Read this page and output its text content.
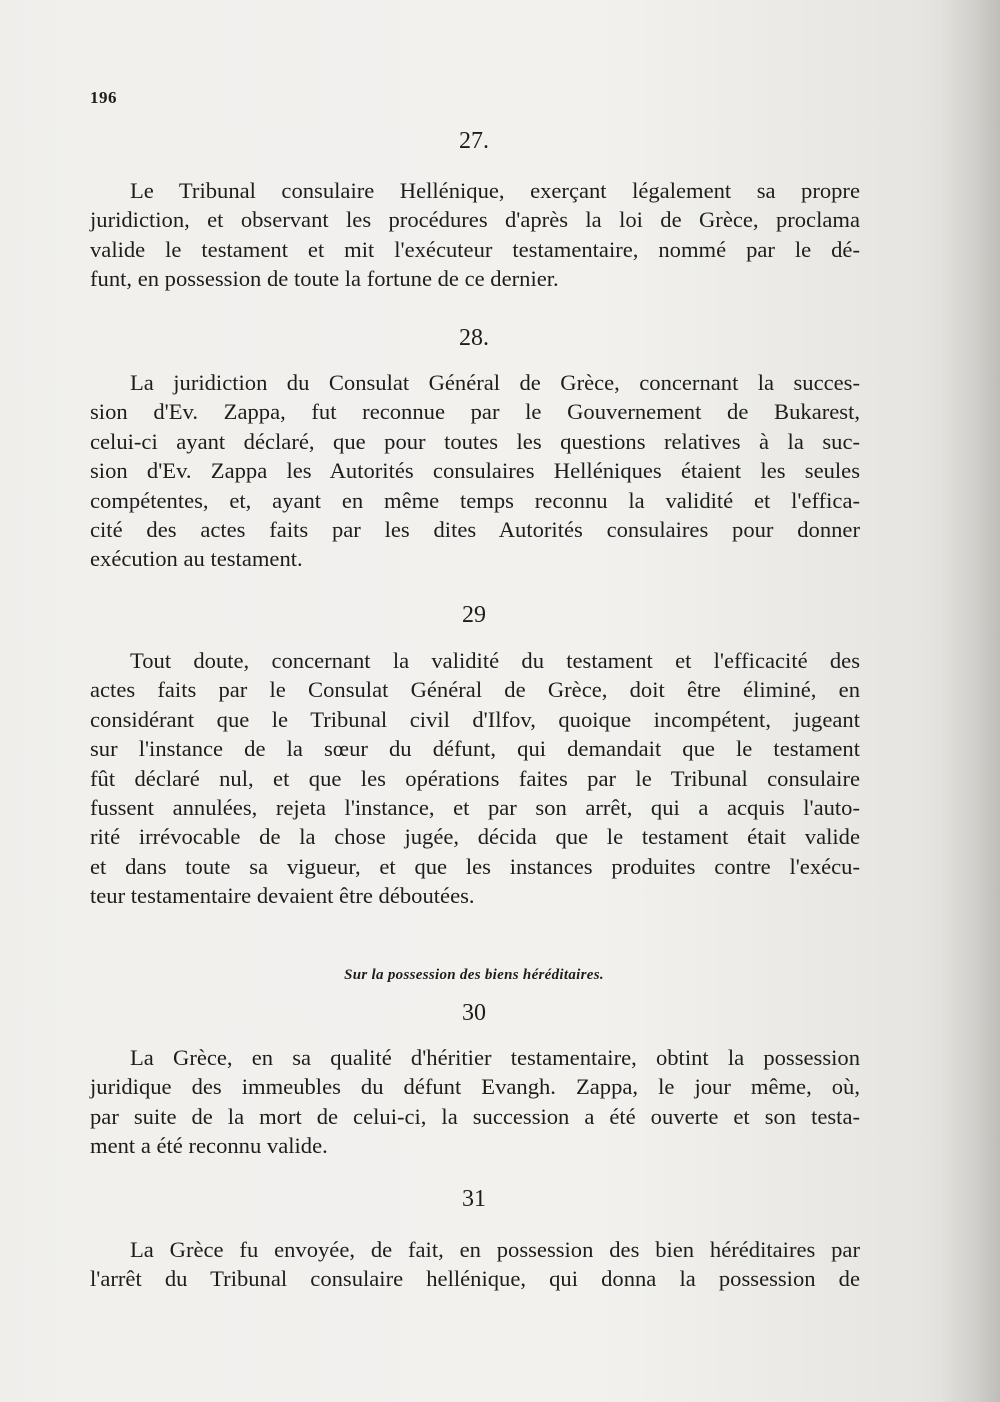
196
27.
Le Tribunal consulaire Hellénique, exerçant légalement sa propre
juridiction, et observant les procédures d'après la loi de Grèce, proclama
valide le testament et mit l'exécuteur testamentaire, nommé par le dé-
funt, en possession de toute la fortune de ce dernier.
28.
La juridiction du Consulat Général de Grèce, concernant la succes-
sion d'Ev. Zappa, fut reconnue par le Gouvernement de Bukarest,
celui-ci ayant déclaré, que pour toutes les questions relatives à la suc-
sion d'Ev. Zappa les Autorités consulaires Helléniques étaient les seules
compétentes, et, ayant en même temps reconnu la validité et l'effica-
cité des actes faits par les dites Autorités consulaires pour donner
exécution au testament.
29
Tout doute, concernant la validité du testament et l'efficacité des
actes faits par le Consulat Général de Grèce, doit être éliminé, en
considérant que le Tribunal civil d'Ilfov, quoique incompétent, jugeant
sur l'instance de la sœur du défunt, qui demandait que le testament
fût déclaré nul, et que les opérations faites par le Tribunal consulaire
fussent annulées, rejeta l'instance, et par son arrêt, qui a acquis l'auto-
rité irrévocable de la chose jugée, décida que le testament était valide
et dans toute sa vigueur, et que les instances produites contre l'exécu-
teur testamentaire devaient être déboutées.
Sur la possession des biens héréditaires.
30
La Grèce, en sa qualité d'héritier testamentaire, obtint la possession
juridique des immeubles du défunt Evangh. Zappa, le jour même, où,
par suite de la mort de celui-ci, la succession a été ouverte et son testa-
ment a été reconnu valide.
31
La Grèce fu envoyée, de fait, en possession des bien héréditaires par
l'arrêt du Tribunal consulaire hellénique, qui donna la possession de
